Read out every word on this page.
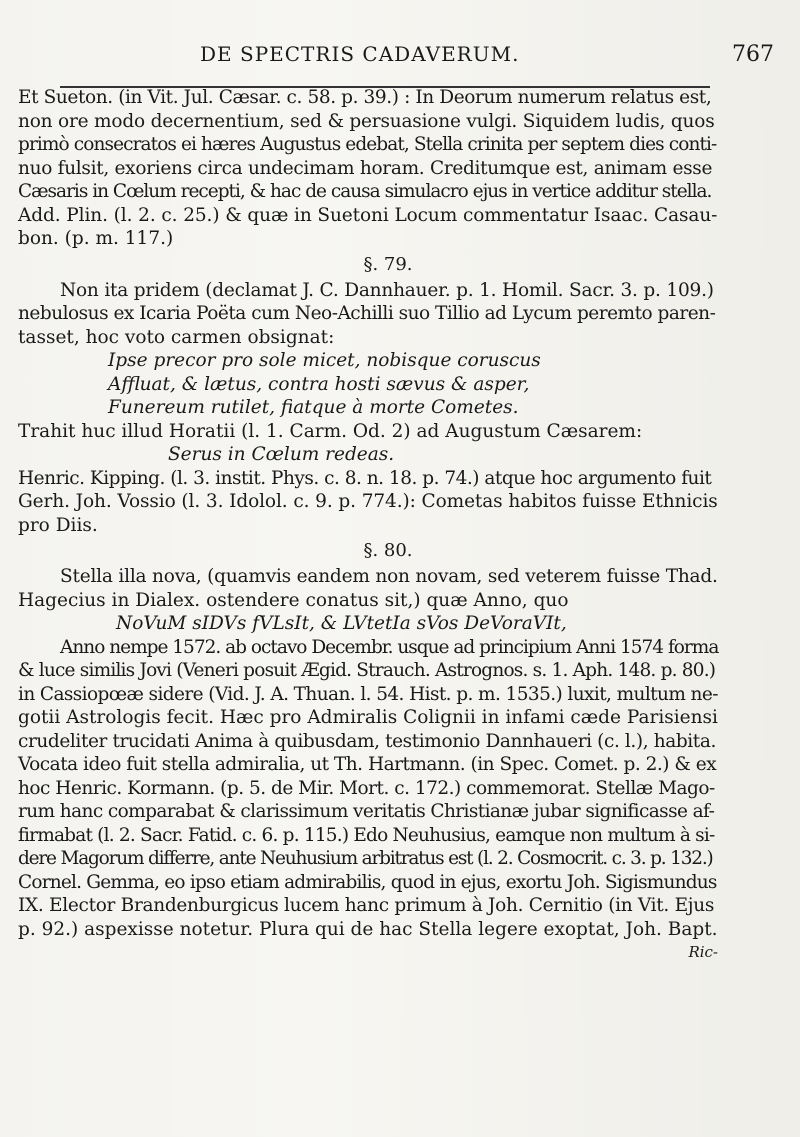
DE SPECTRIS CADAVERUM.	767

Et Sueton. (in Vit. Jul. Cæsar. c. 58. p. 39.) : In Deorum numerum relatus est,

non ore modo decernentium, sed & persuasione vulgi. Siquidem ludis, quos

primò consecratos ei hæres Augustus edebat, Stella crinita per septem dies conti-

nuo fulsit, exoriens circa undecimam horam. Creditumque est, animam esse

Cæsaris in Cœlum recepti, & hac de causa simulacro ejus in vertice additur stella.

Add. Plin. (l. 2. c. 25.) & quæ in Suetoni Locum commentatur Isaac. Casau-

bon. (p. m. 117.)

§. 79.

Non ita pridem (declamat J. C. Dannhauer. p. 1. Homil. Sacr. 3. p. 109.)

nebulosus ex Icaria Poëta cum Neo-Achilli suo Tillio ad Lycum peremto paren-

tasset, hoc voto carmen obsignat:

Ipse precor pro sole micet, nobisque coruscus

Affluat, & lætus, contra hosti sævus & asper,

Funereum rutilet, fiatque à morte Cometes.

Trahit huc illud Horatii (l. 1. Carm. Od. 2) ad Augustum Cæsarem:

Serus in Cœlum redeas.

Henric. Kipping. (l. 3. instit. Phys. c. 8. n. 18. p. 74.) atque hoc argumento fuit

Gerh. Joh. Vossio (l. 3. Idolol. c. 9. p. 774.): Cometas habitos fuisse Ethnicis

pro Diis.

§. 80.

Stella illa nova, (quamvis eandem non novam, sed veterem fuisse Thad.

Hagecius in Dialex. ostendere conatus sit,) quæ Anno, quo

NoVuM sIDVs fVLsIt, & LVtetIa sVos DeVoraVIt,

Anno nempe 1572. ab octavo Decembr. usque ad principium Anni 1574 forma

& luce similis Jovi (Veneri posuit Ægid. Strauch. Astrognos. s. 1. Aph. 148. p. 80.)

in Cassiopœæ sidere (Vid. J. A. Thuan. l. 54. Hist. p. m. 1535.) luxit, multum ne-

gotii Astrologis fecit. Hæc pro Admiralis Colignii in infami cæde Parisiensi

crudeliter trucidati Anima à quibusdam, testimonio Dannhaueri (c. l.), habita.

Vocata ideo fuit stella admiralia, ut Th. Hartmann. (in Spec. Comet. p. 2.) & ex

hoc Henric. Kormann. (p. 5. de Mir. Mort. c. 172.) commemorat. Stellæ Mago-

rum hanc comparabat & clarissimum veritatis Christianæ jubar significasse af-

firmabat (l. 2. Sacr. Fatid. c. 6. p. 115.) Edo Neuhusius, eamque non multum à si-

dere Magorum differre, ante Neuhusium arbitratus est (l. 2. Cosmocrit. c. 3. p. 132.)

Cornel. Gemma, eo ipso etiam admirabilis, quod in ejus, exortu Joh. Sigismundus

IX. Elector Brandenburgicus lucem hanc primum à Joh. Cernitio (in Vit. Ejus

p. 92.) aspexisse notetur. Plura qui de hac Stella legere exoptat, Joh. Bapt.

Ric-
